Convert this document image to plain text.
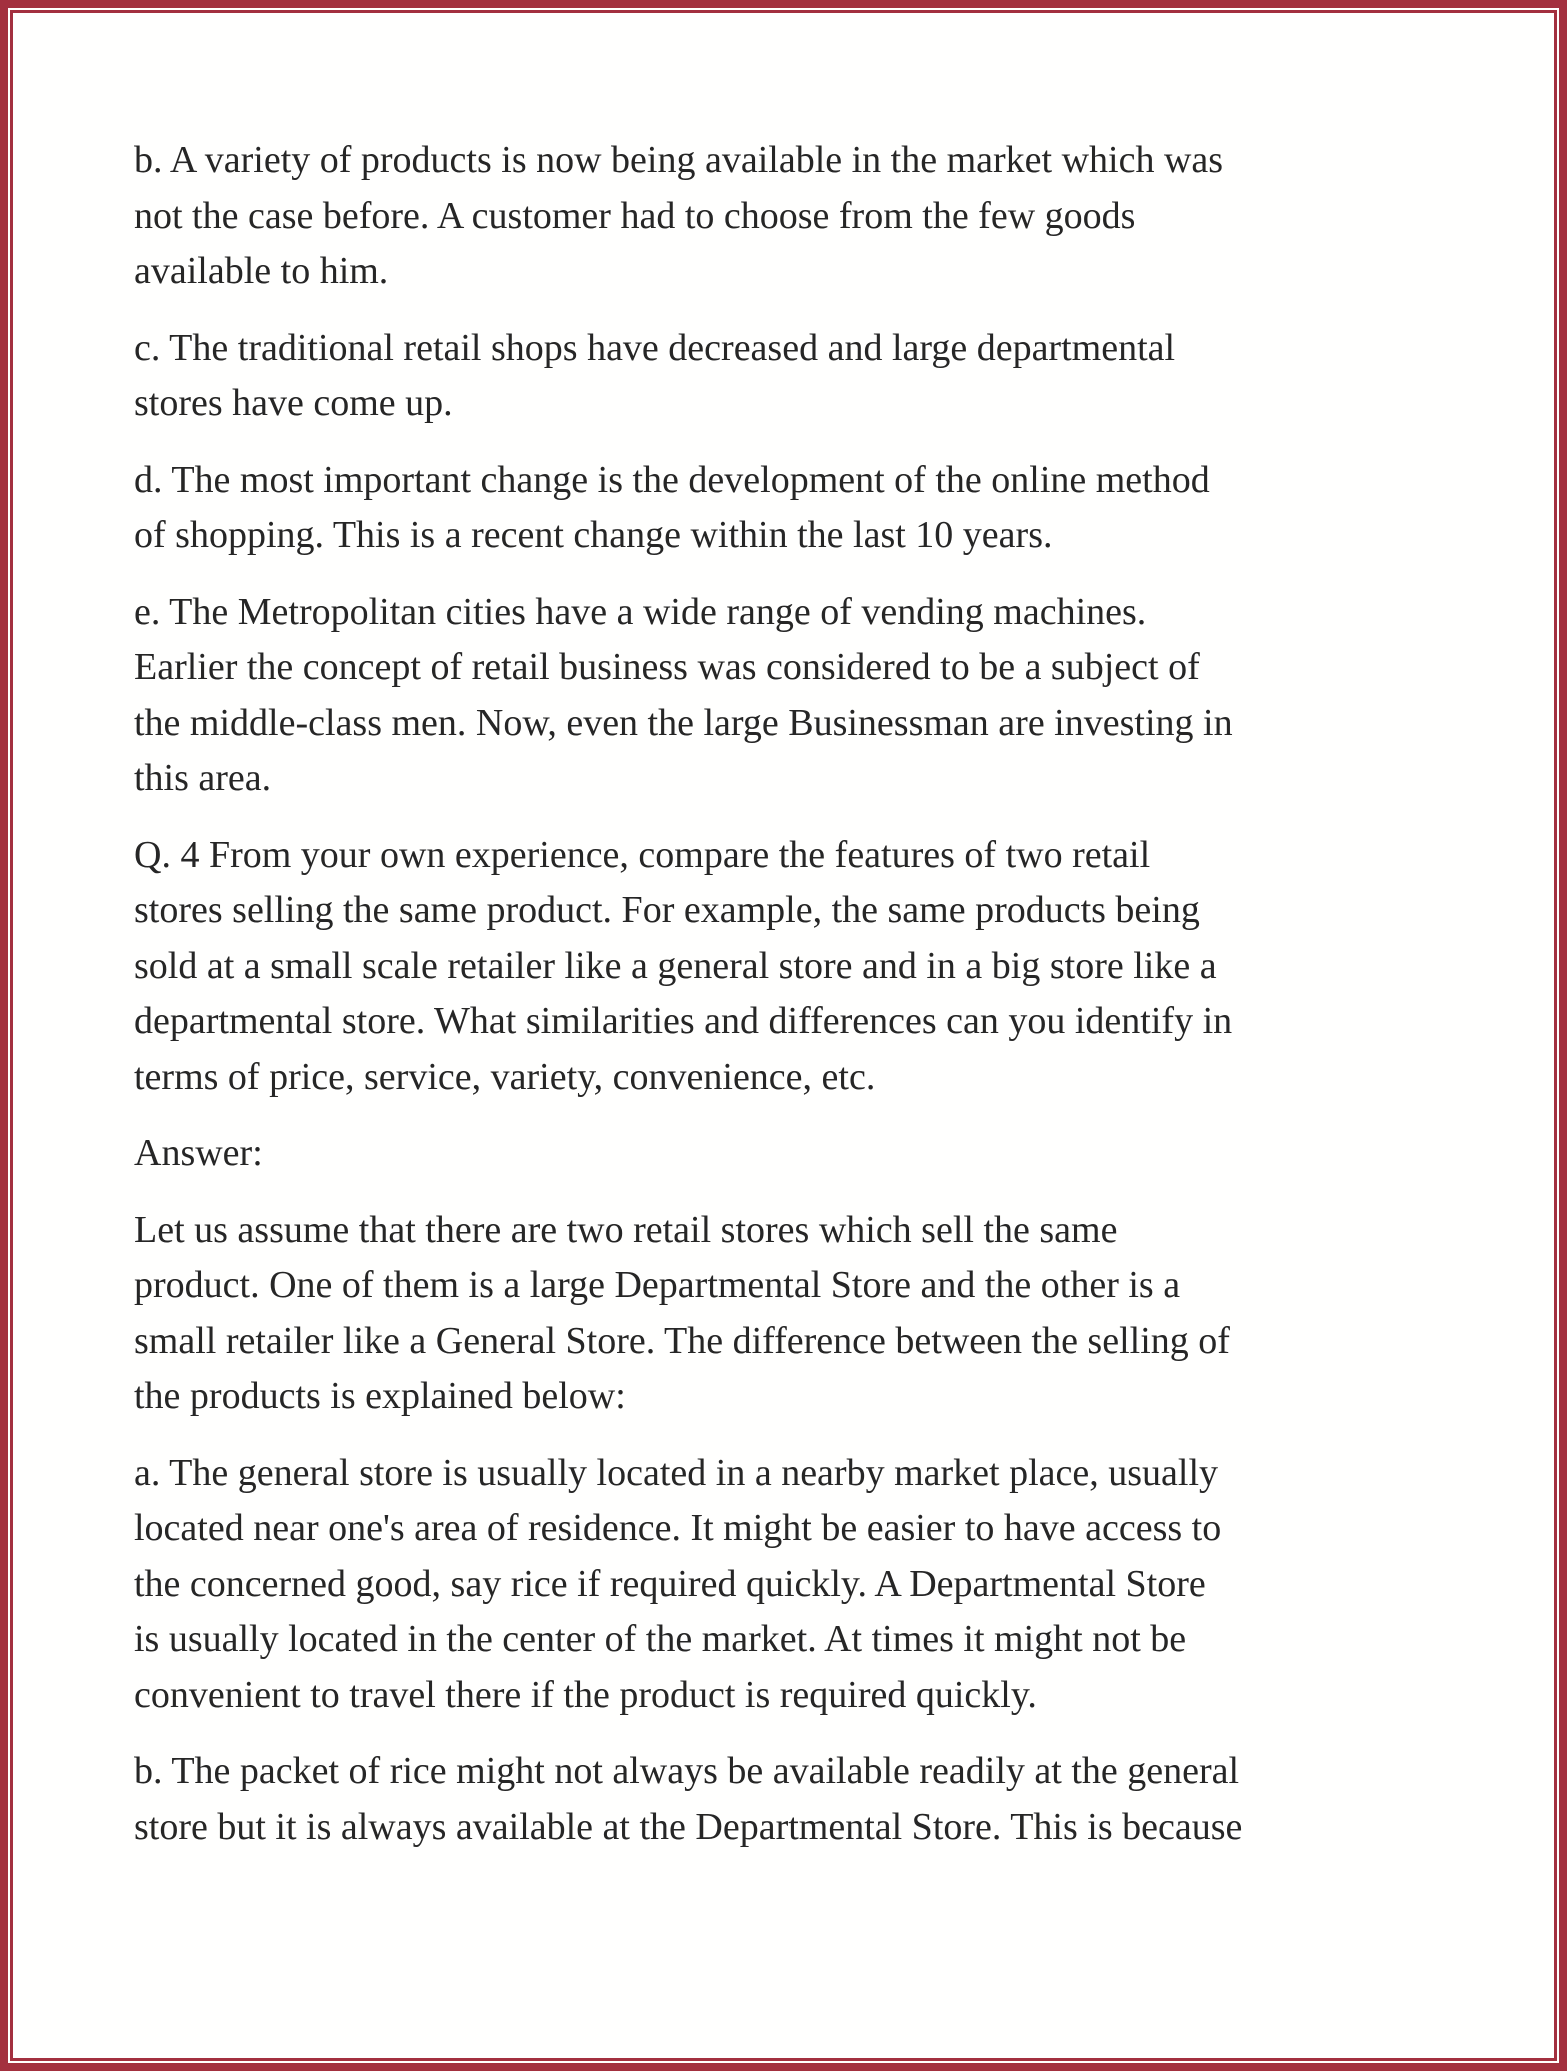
b. A variety of products is now being available in the market which was
not the case before. A customer had to choose from the few goods
available to him.

c. The traditional retail shops have decreased and large departmental
stores have come up.

d. The most important change is the development of the online method
of shopping. This is a recent change within the last 10 years.

e. The Metropolitan cities have a wide range of vending machines.
Earlier the concept of retail business was considered to be a subject of
the middle-class men. Now, even the large Businessman are investing in
this area.

Q. 4 From your own experience, compare the features of two retail
stores selling the same product. For example, the same products being
sold at a small scale retailer like a general store and in a big store like a
departmental store. What similarities and differences can you identify in
terms of price, service, variety, convenience, etc.

Answer:

Let us assume that there are two retail stores which sell the same
product. One of them is a large Departmental Store and the other is a
small retailer like a General Store. The difference between the selling of
the products is explained below:

a. The general store is usually located in a nearby market place, usually
located near one's area of residence. It might be easier to have access to
the concerned good, say rice if required quickly. A Departmental Store
is usually located in the center of the market. At times it might not be
convenient to travel there if the product is required quickly.

b. The packet of rice might not always be available readily at the general
store but it is always available at the Departmental Store. This is because
